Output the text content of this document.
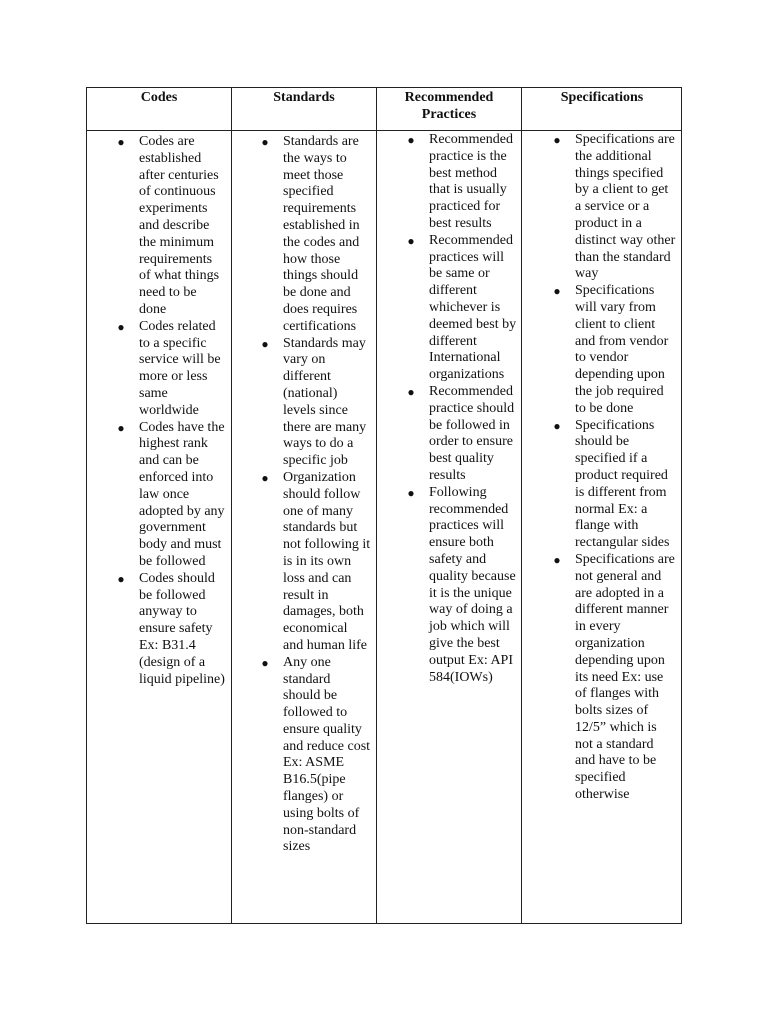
Codes	Standards	Recommended Practices
Specifications
● Codes are established after centuries of continuous experiments and describe the minimum requirements of what things need to be done
● Codes related to a specific service will be more or less same worldwide
● Codes have the highest rank and can be enforced into law once adopted by any government body and must be followed
● Codes should be followed anyway to ensure safety Ex: B31.4 (design of a liquid pipeline)
● Standards are the ways to meet those specified requirements established in the codes and how those things should be done and does requires certifications
● Standards may vary on different (national) levels since there are many ways to do a specific job
● Organization should follow one of many standards but not following it is in its own loss and can result in damages, both economical and human life
● Any one standard should be followed to ensure quality and reduce cost Ex: ASME B16.5(pipe flanges) or using bolts of non-standard sizes
● Recommended practice is the best method that is usually practiced for best results
● Recommended practices will be same or different whichever is deemed best by different International organizations
● Recommended practice should be followed in order to ensure best quality results
● Following recommended practices will ensure both safety and quality because it is the unique way of doing a job which will give the best output Ex: API 584(IOWs)
● Specifications are the additional things specified by a client to get a service or a product in a distinct way other than the standard way
● Specifications will vary from client to client and from vendor to vendor depending upon the job required to be done
● Specifications should be specified if a product required is different from normal Ex: a flange with rectangular sides
● Specifications are not general and are adopted in a different manner in every organization depending upon its need Ex: use of flanges with bolts sizes of 12/5” which is not a standard and have to be specified otherwise
